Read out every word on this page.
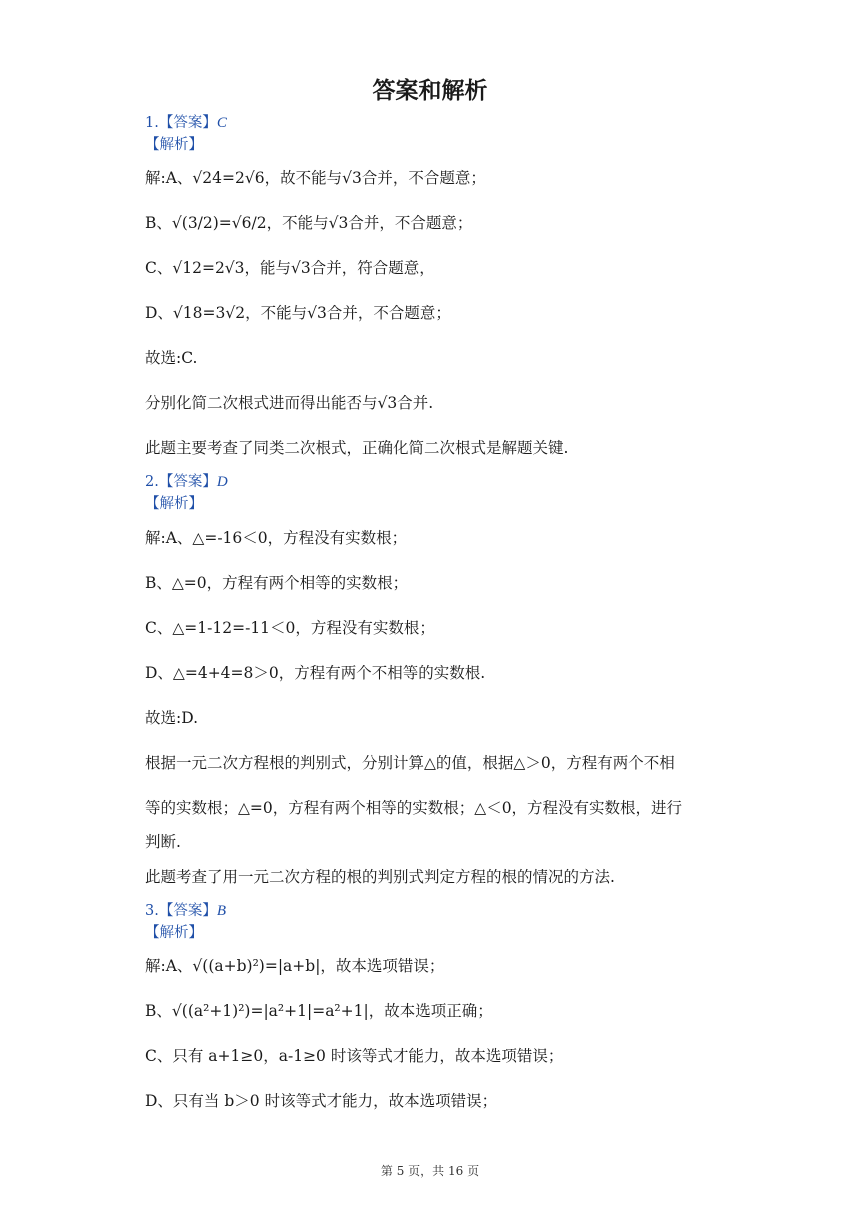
答案和解析
1.【答案】C
【解析】
解:A、√24=2√6，故不能与√3合并，不合题意；
B、√(3/2)=√6/2，不能与√3合并，不合题意；
C、√12=2√3，能与√3合并，符合题意，
D、√18=3√2，不能与√3合并，不合题意；
故选:C.
分别化简二次根式进而得出能否与√3合并.
此题主要考查了同类二次根式，正确化简二次根式是解题关键.
2.【答案】D
【解析】
解:A、△=-16＜0，方程没有实数根；
B、△=0，方程有两个相等的实数根；
C、△=1-12=-11＜0，方程没有实数根；
D、△=4+4=8＞0，方程有两个不相等的实数根.
故选:D.
根据一元二次方程根的判别式，分别计算△的值，根据△＞0，方程有两个不相
等的实数根；△=0，方程有两个相等的实数根；△＜0，方程没有实数根，进行
判断.
此题考查了用一元二次方程的根的判别式判定方程的根的情况的方法.
3.【答案】B
【解析】
解:A、√((a+b)²)=|a+b|，故本选项错误；
B、√((a²+1)²)=|a²+1|=a²+1|，故本选项正确；
C、只有 a+1≥0，a-1≥0 时该等式才能力，故本选项错误；
D、只有当 b＞0 时该等式才能力，故本选项错误；
第 5 页，共 16 页
